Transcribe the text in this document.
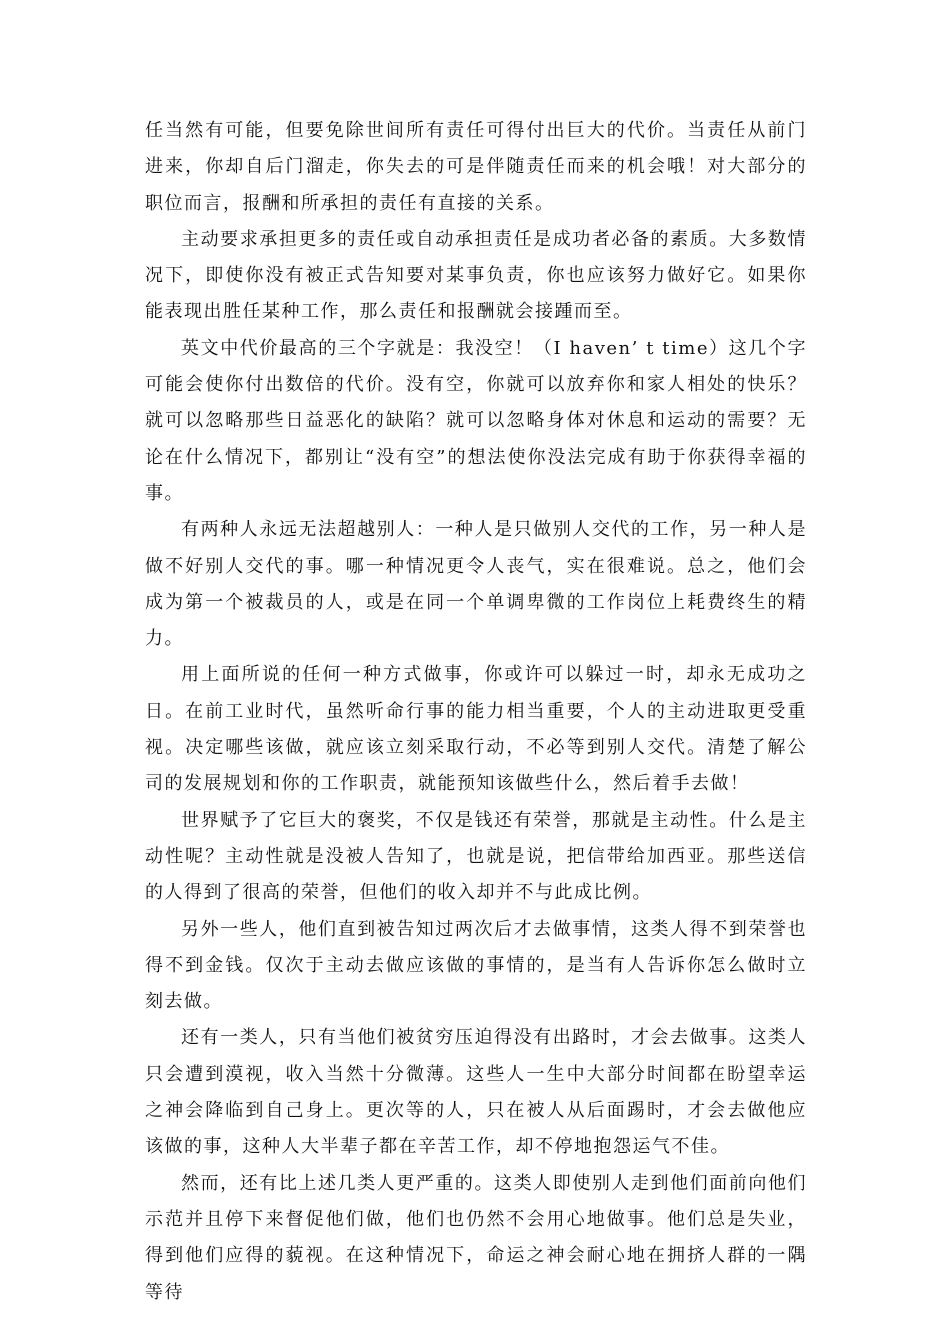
任当然有可能，但要免除世间所有责任可得付出巨大的代价。当责任从前门进来，你却自后门溜走，你失去的可是伴随责任而来的机会哦！对大部分的职位而言，报酬和所承担的责任有直接的关系。

主动要求承担更多的责任或自动承担责任是成功者必备的素质。大多数情况下，即使你没有被正式告知要对某事负责，你也应该努力做好它。如果你能表现出胜任某种工作，那么责任和报酬就会接踵而至。

英文中代价最高的三个字就是：我没空！（I haven’ t time）这几个字可能会使你付出数倍的代价。没有空，你就可以放弃你和家人相处的快乐？就可以忽略那些日益恶化的缺陷？就可以忽略身体对休息和运动的需要？无论在什么情况下，都别让“没有空”的想法使你没法完成有助于你获得幸福的事。

有两种人永远无法超越别人：一种人是只做别人交代的工作，另一种人是做不好别人交代的事。哪一种情况更令人丧气，实在很难说。总之，他们会成为第一个被裁员的人，或是在同一个单调卑微的工作岗位上耗费终生的精力。

用上面所说的任何一种方式做事，你或许可以躲过一时，却永无成功之日。在前工业时代，虽然听命行事的能力相当重要，个人的主动进取更受重视。决定哪些该做，就应该立刻采取行动，不必等到别人交代。清楚了解公司的发展规划和你的工作职责，就能预知该做些什么，然后着手去做！

世界赋予了它巨大的褒奖，不仅是钱还有荣誉，那就是主动性。什么是主动性呢？主动性就是没被人告知了，也就是说，把信带给加西亚。那些送信的人得到了很高的荣誉，但他们的收入却并不与此成比例。

另外一些人，他们直到被告知过两次后才去做事情，这类人得不到荣誉也得不到金钱。仅次于主动去做应该做的事情的，是当有人告诉你怎么做时立刻去做。

还有一类人，只有当他们被贫穷压迫得没有出路时，才会去做事。这类人只会遭到漠视，收入当然十分微薄。这些人一生中大部分时间都在盼望幸运之神会降临到自己身上。更次等的人，只在被人从后面踢时，才会去做他应该做的事，这种人大半辈子都在辛苦工作，却不停地抱怨运气不佳。

然而，还有比上述几类人更严重的。这类人即使别人走到他们面前向他们示范并且停下来督促他们做，他们也仍然不会用心地做事。他们总是失业，得到他们应得的藐视。在这种情况下，命运之神会耐心地在拥挤人群的一隅等待
